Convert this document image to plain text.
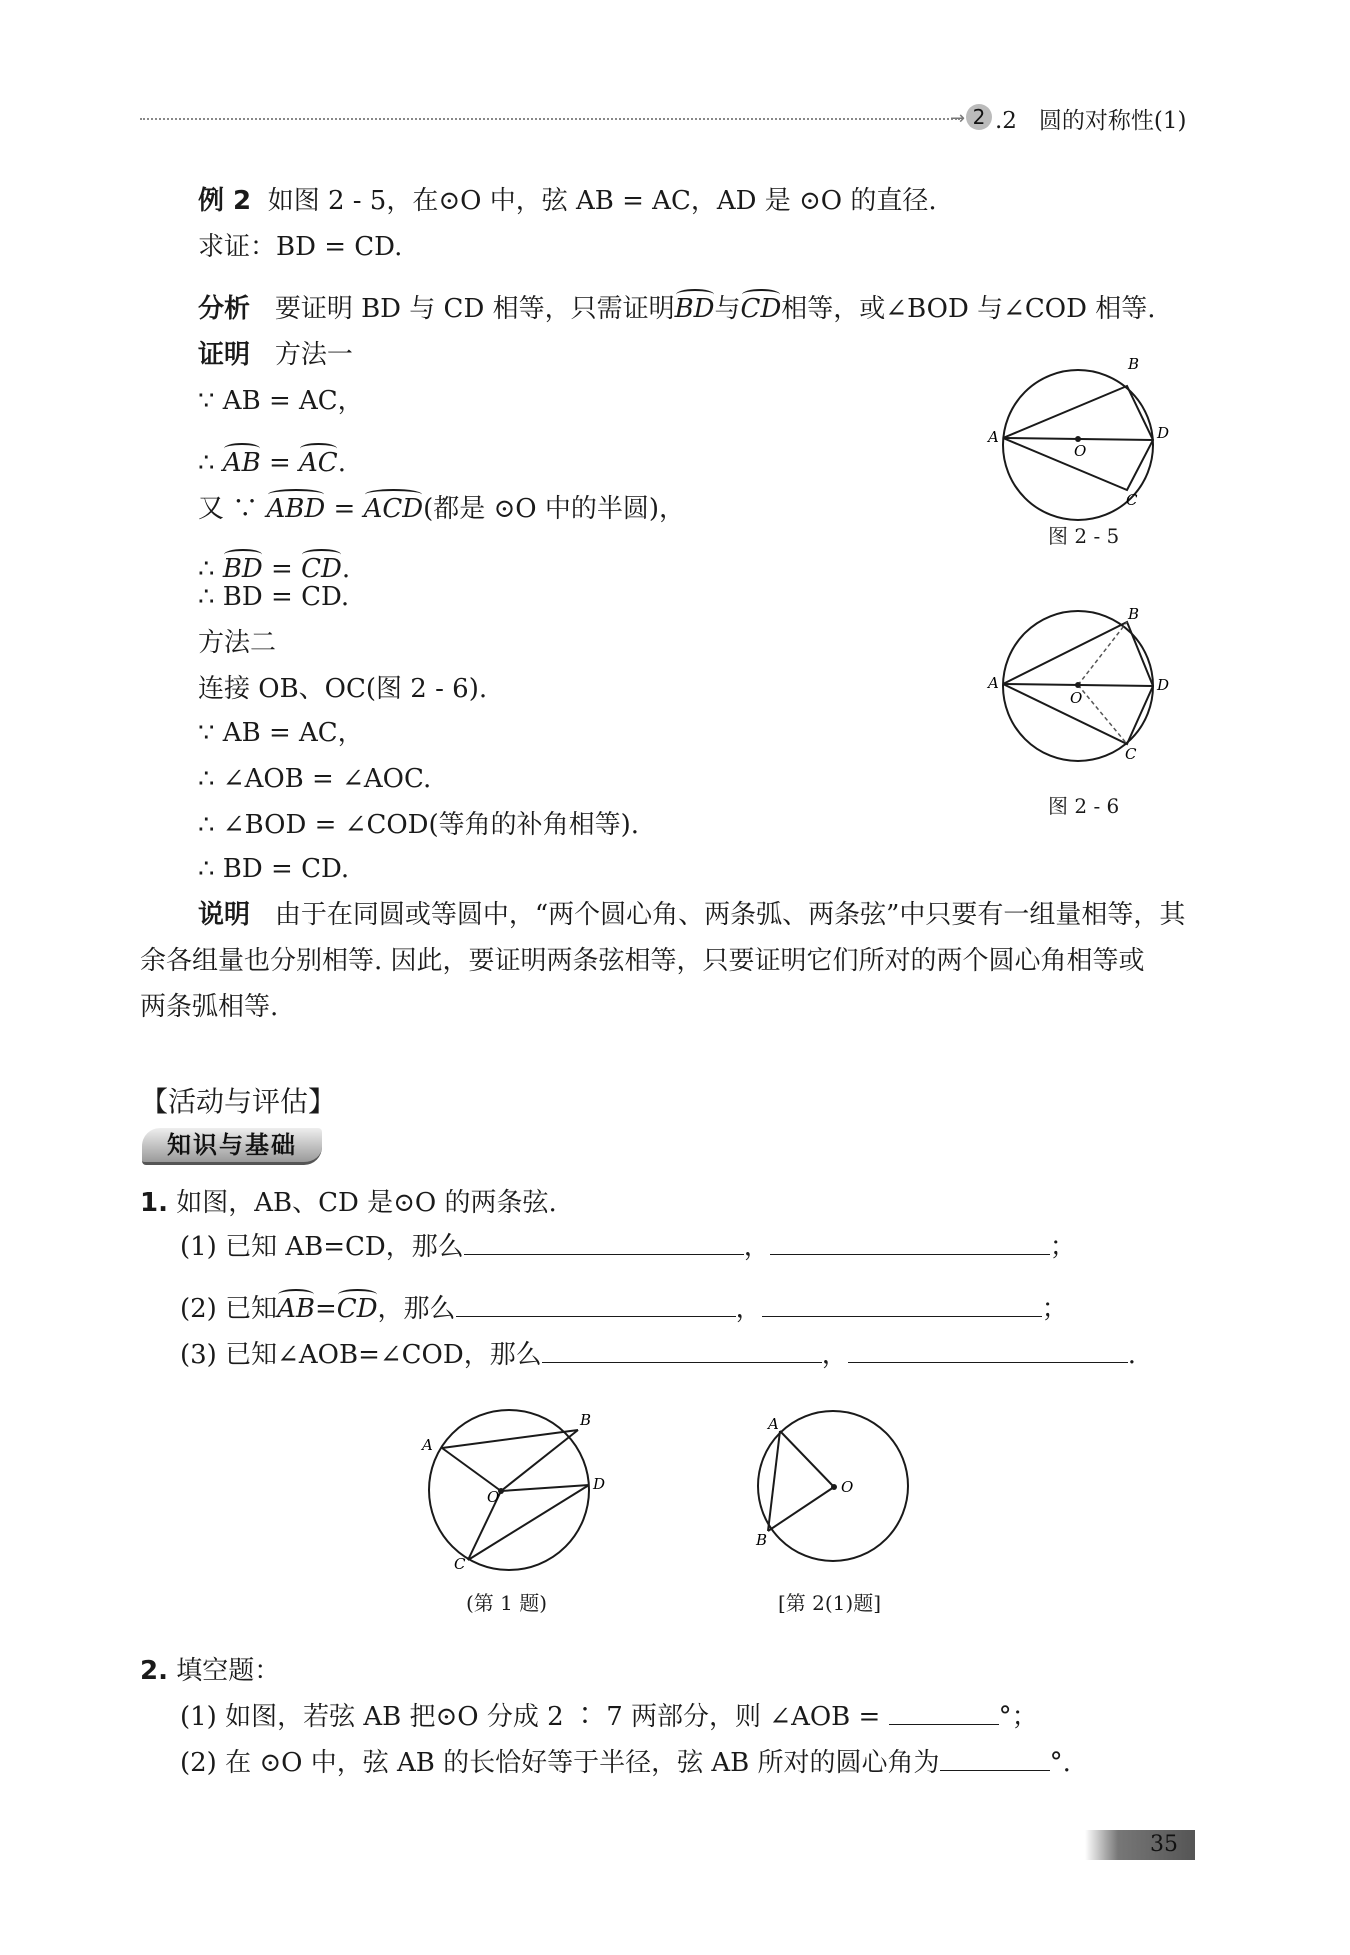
→ 2 .2 圆的对称性(1)
例 2 如图 2 - 5，在⊙O 中，弦 AB = AC，AD 是 ⊙O 的直径.
求证：BD = CD.
分析 要证明 BD 与 CD 相等，只需证明BD与CD相等，或∠BOD 与∠COD 相等.
证明 方法一
∵ AB = AC，
∴ AB = AC.
又 ∵ ABD = ACD(都是 ⊙O 中的半圆)，
∴ BD = CD.
∴ BD = CD.
方法二
连接 OB、OC(图 2 - 6).
∵ AB = AC，
∴ ∠AOB = ∠AOC.
∴ ∠BOD = ∠COD(等角的补角相等).
∴ BD = CD.
说明 由于在同圆或等圆中，“两个圆心角、两条弧、两条弦”中只要有一组量相等，其
余各组量也分别相等. 因此，要证明两条弦相等，只要证明它们所对的两个圆心角相等或
两条弧相等.
A
B
D
C
O
图 2 - 5
A
B
D
C
O
图 2 - 6
【活动与评估】
知识与基础
1. 如图，AB、CD 是⊙O 的两条弦.
(1) 已知 AB=CD，那么	，	；
(2) 已知AB=CD，那么	，	；
(3) 已知∠AOB=∠COD，那么	，	.
A
B
D
C
O
(第 1 题)
A
B
O
[第 2(1)题]
2. 填空题：
(1) 如图，若弦 AB 把⊙O 分成 2 ∶ 7 两部分，则 ∠AOB =	°；
(2) 在 ⊙O 中，弦 AB 的长恰好等于半径，弦 AB 所对的圆心角为	°.
35
